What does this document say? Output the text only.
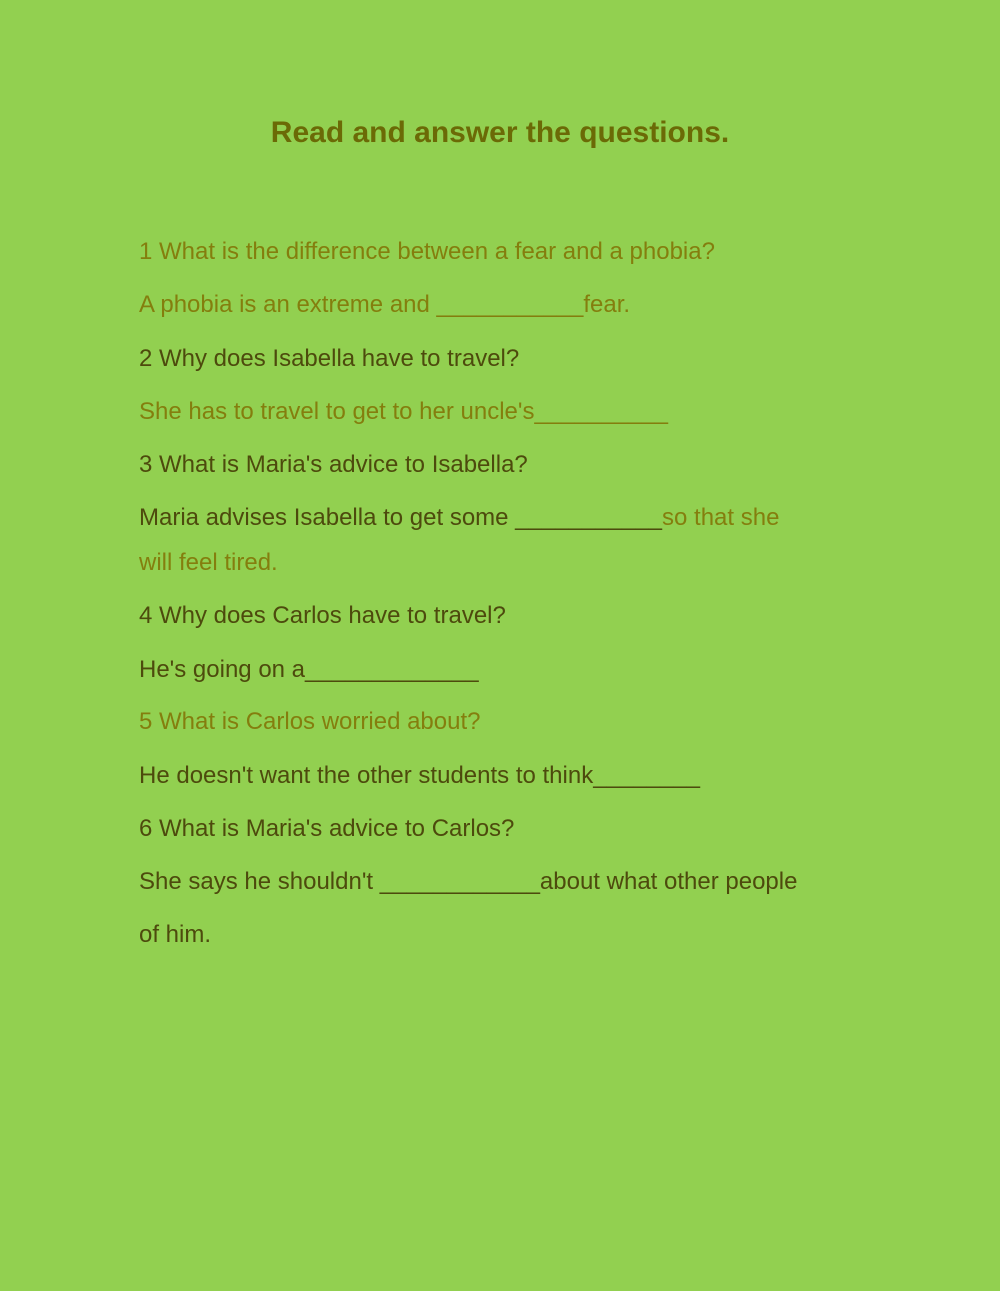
Read and answer the questions.

1 What is the difference between a fear and a phobia?

A phobia is an extreme and ___________fear.

2 Why does Isabella have to travel?

She has to travel to get to her uncle's__________

3 What is Maria's advice to Isabella?

Maria advises Isabella to get some ___________so that she

will feel tired.

4 Why does Carlos have to travel?

He's going on a_____________

5 What is Carlos worried about?

He doesn't want the other students to think________

6 What is Maria's advice to Carlos?

She says he shouldn't ____________about what other people

of him.
